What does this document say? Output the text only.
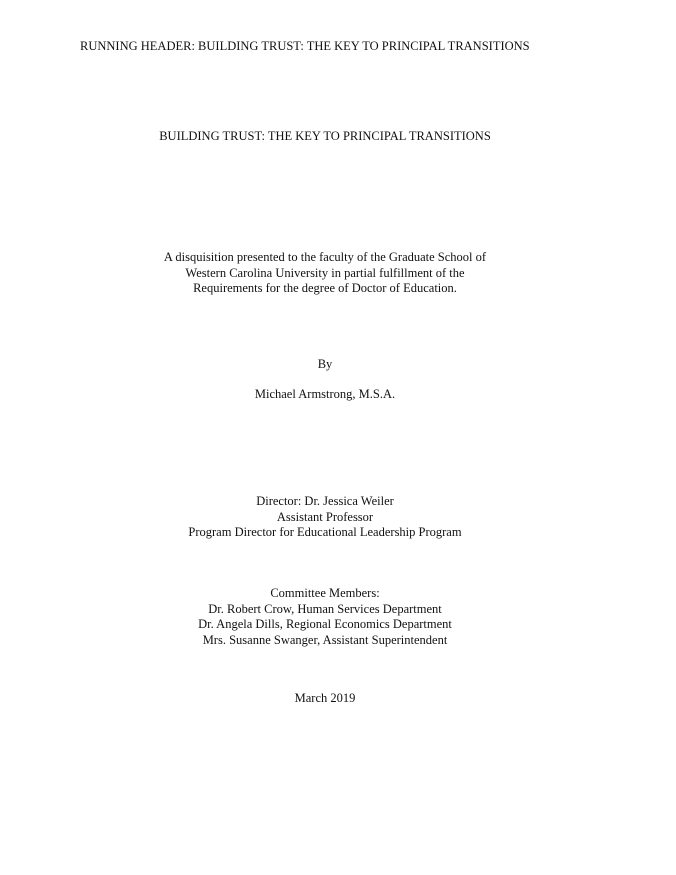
RUNNING HEADER: BUILDING TRUST: THE KEY TO PRINCIPAL TRANSITIONS
BUILDING TRUST: THE KEY TO PRINCIPAL TRANSITIONS
A disquisition presented to the faculty of the Graduate School of
Western Carolina University in partial fulfillment of the
Requirements for the degree of Doctor of Education.
By
Michael Armstrong, M.S.A.
Director: Dr. Jessica Weiler
Assistant Professor
Program Director for Educational Leadership Program
Committee Members:
Dr. Robert Crow, Human Services Department
Dr. Angela Dills, Regional Economics Department
Mrs. Susanne Swanger, Assistant Superintendent
March 2019
